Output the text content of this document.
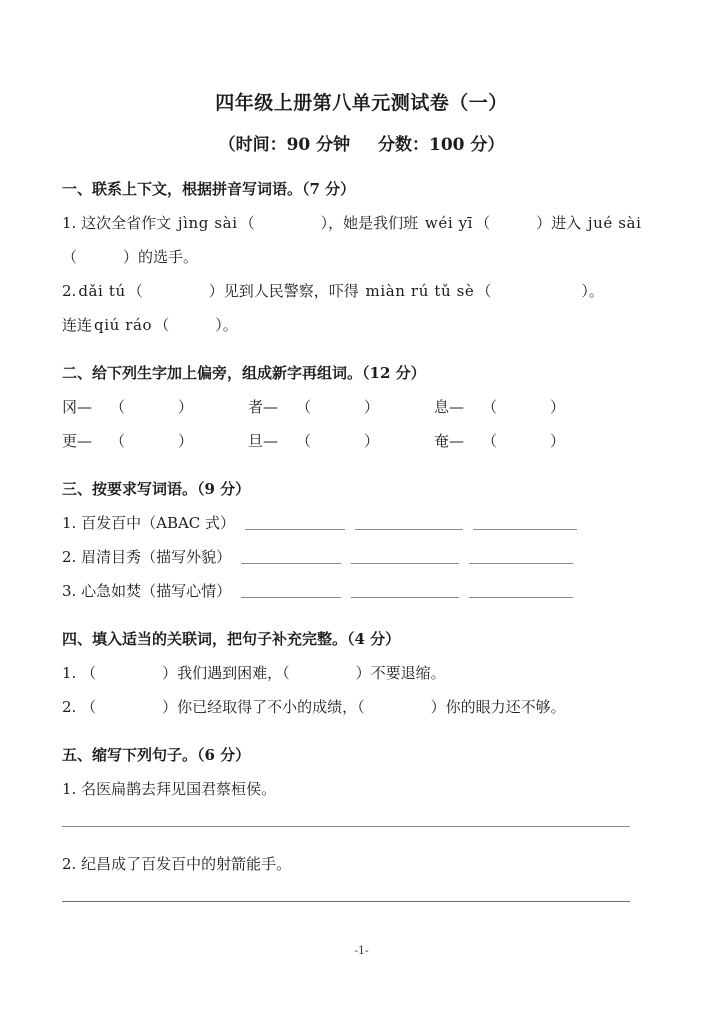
四年级上册第八单元测试卷（一）
（时间：90 分钟 分数：100 分）
一、联系上下文，根据拼音写词语。（7 分）
1. 这次全省作文 jìng sài （	），她是我们班 wéi yī （	）进入 jué sài
（	）的选手。
2. dǎi tú （	）见到人民警察，吓得 miàn rú tǔ sè （	）。
连连 qiú ráo （	）。
二、给下列生字加上偏旁，组成新字再组词。（12 分）
冈— （	）	者— （	）	息— （	）
更— （	）	旦— （	）	奄— （	）
三、按要求写词语。（9 分）
1. 百发百中（ABAC 式）
2. 眉清目秀（描写外貌）
3. 心急如焚（描写心情）
四、填入适当的关联词，把句子补充完整。（4 分）
1. （	）我们遇到困难，（	）不要退缩。
2. （	）你已经取得了不小的成绩，（	）你的眼力还不够。
五、缩写下列句子。（6 分）
1. 名医扁鹊去拜见国君蔡桓侯。
2. 纪昌成了百发百中的射箭能手。
-1-
